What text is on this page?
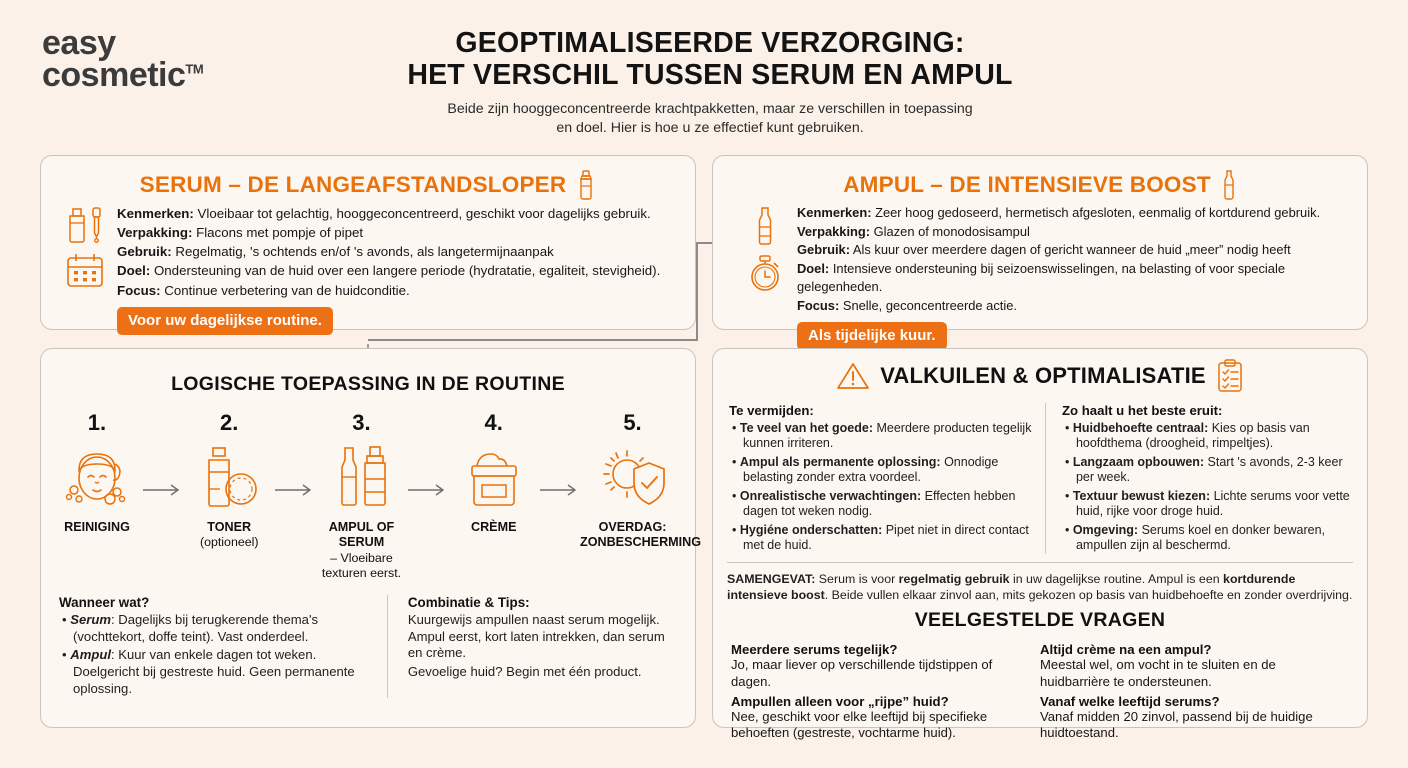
easy
cosmetic™
GEOPTIMALISEERDE VERZORGING:
HET VERSCHIL TUSSEN SERUM EN AMPUL
Beide zijn hooggeconcentreerde krachtpakketten, maar ze verschillen in toepassing
en doel. Hier is hoe u ze effectief kunt gebruiken.
SERUM – DE LANGEAFSTANDSLOPER
Kenmerken: Vloeibaar tot gelachtig, hooggeconcentreerd, geschikt voor dagelijks gebruik.
Verpakking: Flacons met pompje of pipet
Gebruik: Regelmatig, 's ochtends en/of 's avonds, als langetermijnaanpak
Doel: Ondersteuning van de huid over een langere periode (hydratatie, egaliteit, stevigheid).
Focus: Continue verbetering van de huidconditie.
Voor uw dagelijkse routine.
AMPUL – DE INTENSIEVE BOOST
Kenmerken: Zeer hoog gedoseerd, hermetisch afgesloten, eenmalig of kortdurend gebruik.
Verpakking: Glazen of monodosisampul
Gebruik: Als kuur over meerdere dagen of gericht wanneer de huid „meer” nodig heeft
Doel: Intensieve ondersteuning bij seizoenswisselingen, na belasting of voor speciale gelegenheden.
Focus: Snelle, geconcentreerde actie.
Als tijdelijke kuur.
LOGISCHE TOEPASSING IN DE ROUTINE
1.
REINIGING
2.
TONER
(optioneel)
3.
AMPUL OF SERUM
– Vloeibare texturen eerst.
4.
CRÈME
5.
OVERDAG: ZONBESCHERMING
Wanneer wat?
• Serum: Dagelijks bij terugkerende thema's (vochttekort, doffe teint). Vast onderdeel.
• Ampul: Kuur van enkele dagen tot weken. Doelgericht bij gestreste huid. Geen permanente oplossing.
Combinatie & Tips:
Kuurgewijs ampullen naast serum mogelijk. Ampul eerst, kort laten intrekken, dan serum en crème.
Gevoelige huid? Begin met één product.
VALKUILEN & OPTIMALISATIE
Te vermijden:
• Te veel van het goede: Meerdere producten tegelijk kunnen irriteren.
• Ampul als permanente oplossing: Onnodige belasting zonder extra voordeel.
• Onrealistische verwachtingen: Effecten hebben dagen tot weken nodig.
• Hygiéne onderschatten: Pipet niet in direct contact met de huid.
Zo haalt u het beste eruit:
• Huidbehoefte centraal: Kies op basis van hoofdthema (droogheid, rimpeltjes).
• Langzaam opbouwen: Start 's avonds, 2-3 keer per week.
• Textuur bewust kiezen: Lichte serums voor vette huid, rijke voor droge huid.
• Omgeving: Serums koel en donker bewaren, ampullen zijn al beschermd.
SAMENGEVAT: Serum is voor regelmatig gebruik in uw dagelijkse routine. Ampul is een kortdurende intensieve boost. Beide vullen elkaar zinvol aan, mits gekozen op basis van huidbehoefte en zonder overdrijving.
VEELGESTELDE VRAGEN
Meerdere serums tegelijk?
Jo, maar liever op verschillende tijdstippen of dagen.
Ampullen alleen voor „rijpe” huid?
Nee, geschikt voor elke leeftijd bij specifieke behoeften (gestreste, vochtarme huid).
Altijd crème na een ampul?
Meestal wel, om vocht in te sluiten en de huidbarrière te ondersteunen.
Vanaf welke leeftijd serums?
Vanaf midden 20 zinvol, passend bij de huidige huidtoestand.
